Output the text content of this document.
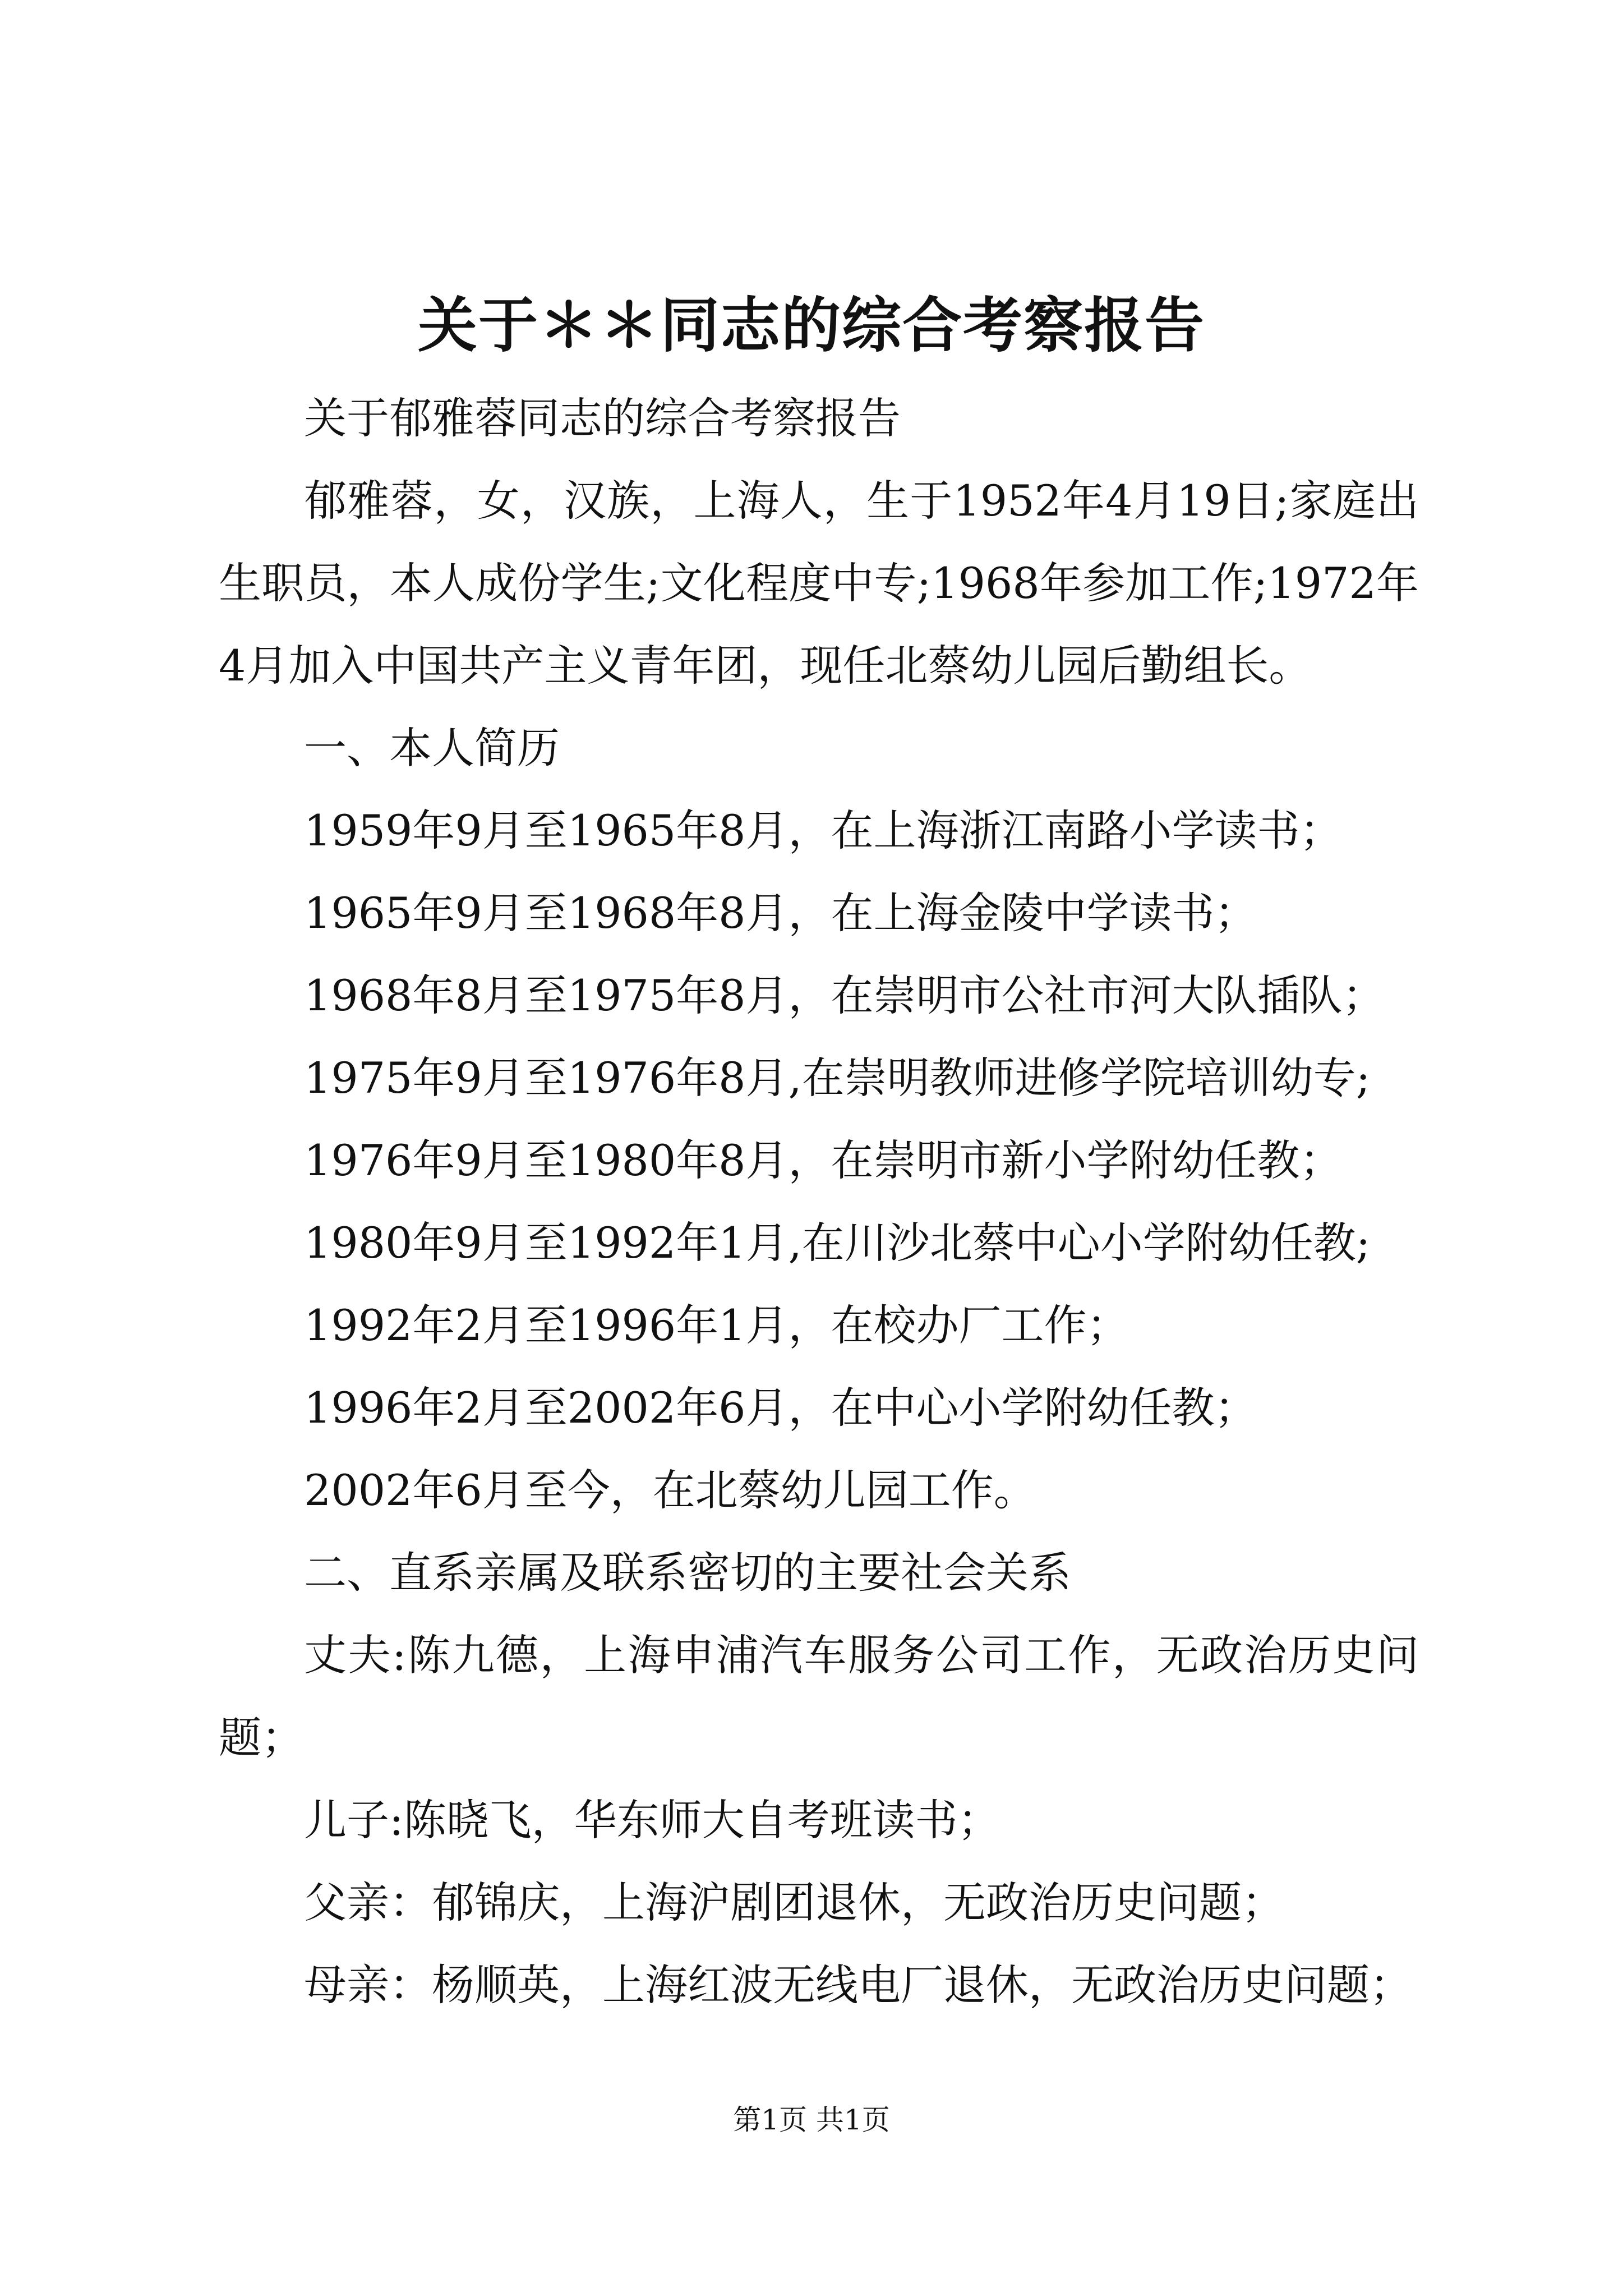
关于＊＊同志的综合考察报告

关于郁雅蓉同志的综合考察报告

郁雅蓉，女，汉族，上海人，生于1952年4月19日;家庭出生职员，本人成份学生;文化程度中专;1968年参加工作;1972年4月加入中国共产主义青年团，现任北蔡幼儿园后勤组长。

一、本人简历

1959年9月至1965年8月，在上海浙江南路小学读书；

1965年9月至1968年8月，在上海金陵中学读书；

1968年8月至1975年8月，在崇明市公社市河大队插队；

1975年9月至1976年8月,在崇明教师进修学院培训幼专;

1976年9月至1980年8月，在崇明市新小学附幼任教；

1980年9月至1992年1月,在川沙北蔡中心小学附幼任教;

1992年2月至1996年1月，在校办厂工作；

1996年2月至2002年6月，在中心小学附幼任教；

2002年6月至今，在北蔡幼儿园工作。

二、直系亲属及联系密切的主要社会关系

丈夫:陈九德，上海申浦汽车服务公司工作，无政治历史问题；

儿子:陈晓飞，华东师大自考班读书；

父亲：郁锦庆，上海沪剧团退休，无政治历史问题；

母亲：杨顺英，上海红波无线电厂退休，无政治历史问题；

第1页 共1页
